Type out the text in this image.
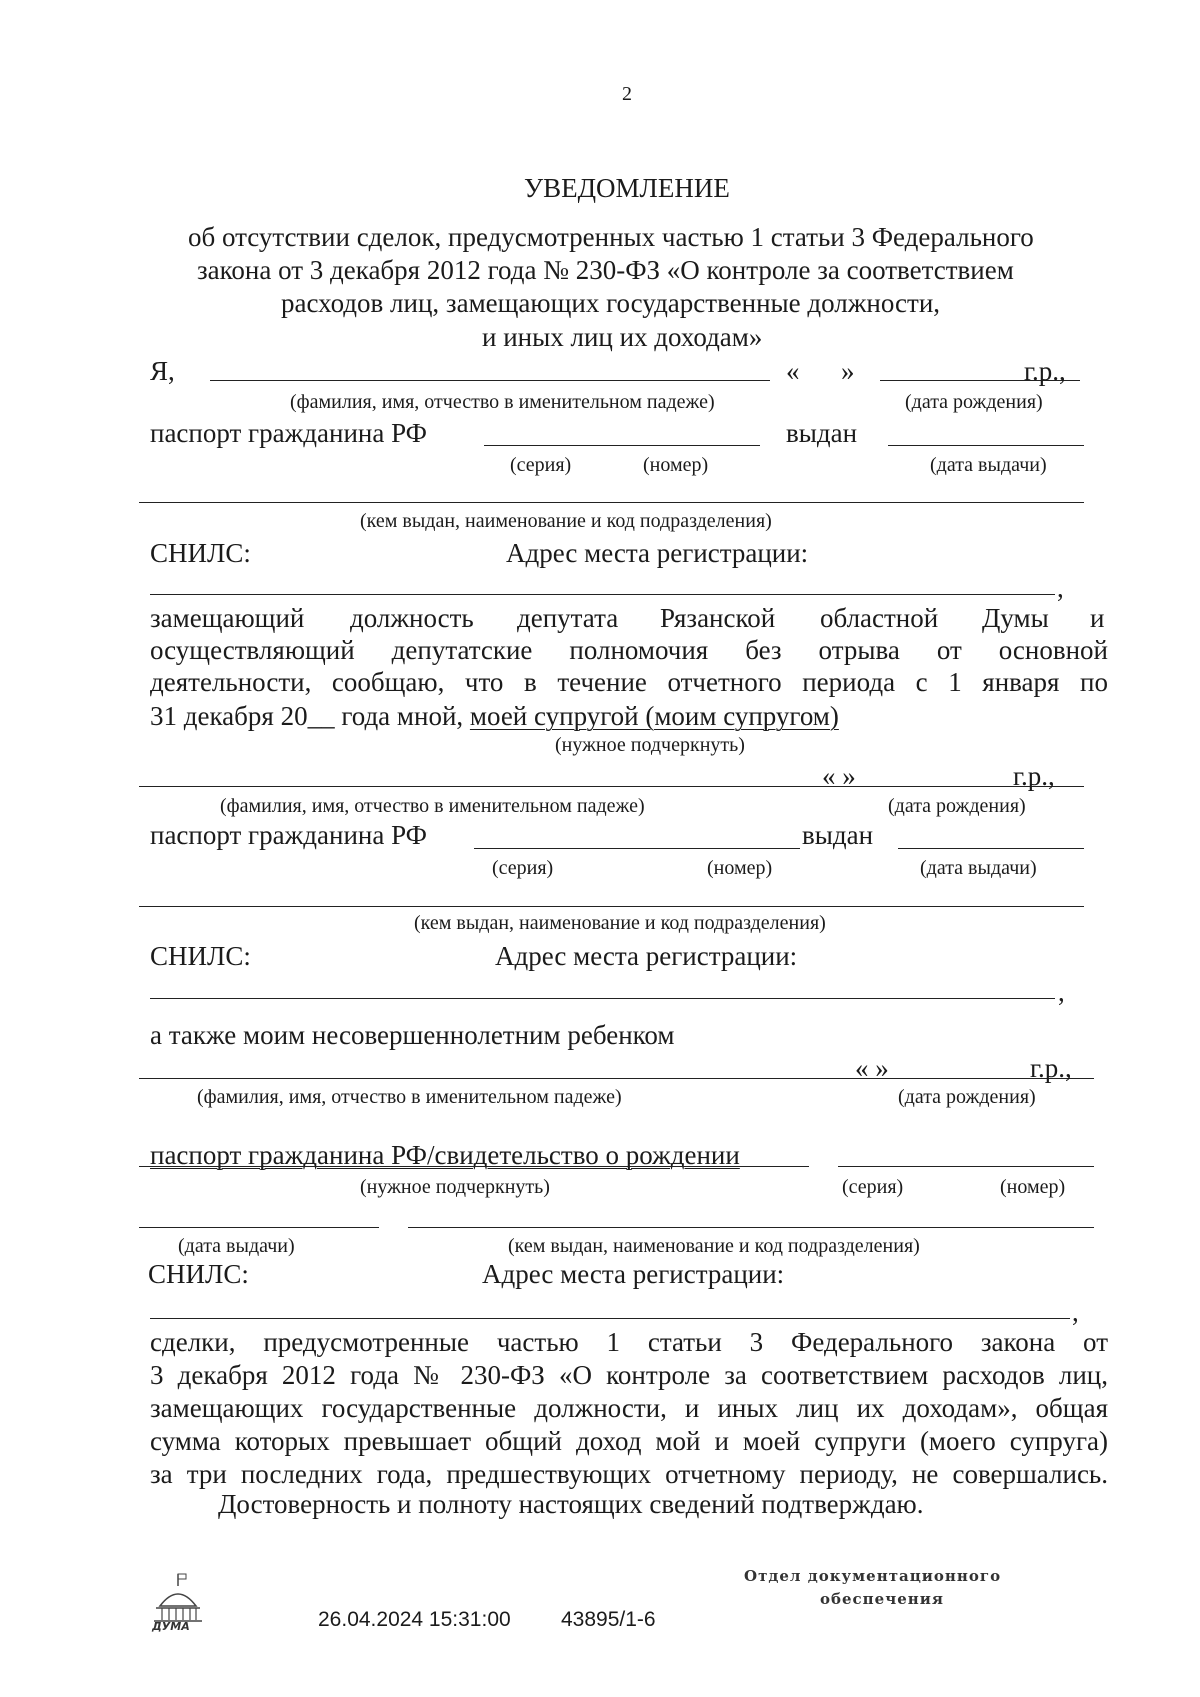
2
УВЕДОМЛЕНИЕ
об отсутствии сделок, предусмотренных частью 1 статьи 3 Федерального
закона от 3 декабря 2012 года № 230-ФЗ «О контроле за соответствием
расходов лиц, замещающих государственные должности,
и иных лиц их доходам»
Я,	« »	г.р.,
(фамилия, имя, отчество в именительном падеже)	(дата рождения)
паспорт гражданина РФ	выдан
(серия)	(номер)	(дата выдачи)
(кем выдан, наименование и код подразделения)
СНИЛС:	Адрес места регистрации:
,
замещающий должность депутата Рязанской областной Думы и
осуществляющий депутатские полномочия без отрыва от основной
деятельности, сообщаю, что в течение отчетного периода с 1 января по
31 декабря 20__ года мной, моей супругой (моим супругом)
(нужное подчеркнуть)
« »	г.р.,
(фамилия, имя, отчество в именительном падеже)	(дата рождения)
паспорт гражданина РФ	выдан
(серия)	(номер)	(дата выдачи)
(кем выдан, наименование и код подразделения)
СНИЛС:	Адрес места регистрации:
,
а также моим несовершеннолетним ребенком
« »	г.р.,
(фамилия, имя, отчество в именительном падеже)	(дата рождения)
паспорт гражданина РФ/свидетельство о рождении
(нужное подчеркнуть)	(серия)	(номер)
(дата выдачи)	(кем выдан, наименование и код подразделения)
СНИЛС:	Адрес места регистрации:
,
сделки, предусмотренные частью 1 статьи 3 Федерального закона от
3 декабря 2012 года № 230-ФЗ «О контроле за соответствием расходов лиц,
замещающих государственные должности, и иных лиц их доходам», общая
сумма которых превышает общий доход мой и моей супруги (моего супруга)
за три последних года, предшествующих отчетному периоду, не совершались.
Достоверность и полноту настоящих сведений подтверждаю.
ДУМА	26.04.2024 15:31:00 43895/1-6
Отдел документационного
обеспечения
